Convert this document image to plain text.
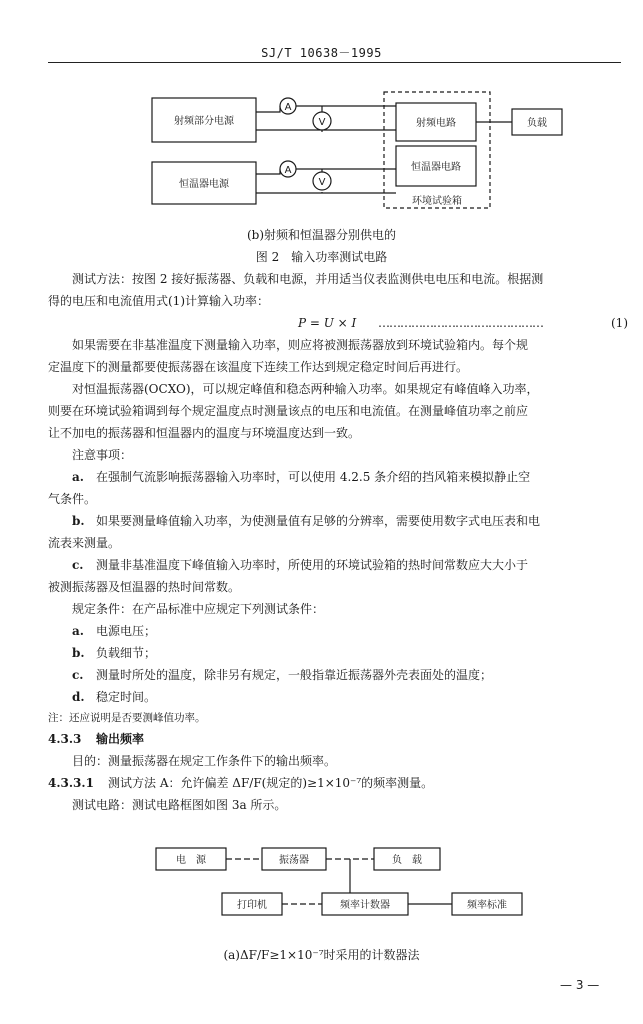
SJ/T 10638－1995
A
V
A
V
射频部分电源
恒温器电源
射频电路
恒温器电路
负载
环境试验箱
(b)射频和恒温器分别供电的
图 2　输入功率测试电路
测试方法：按图 2 接好振荡器、负载和电源，并用适当仪表监测供电电压和电流。根据测
得的电压和电流值用式(1)计算输入功率：
P = U × I ………………………………………	(1)
如果需要在非基准温度下测量输入功率，则应将被测振荡器放到环境试验箱内。每个规
定温度下的测量都要使振荡器在该温度下连续工作达到规定稳定时间后再进行。
对恒温振荡器(OCXO)，可以规定峰值和稳态两种输入功率。如果规定有峰值峰入功率，
则要在环境试验箱调到每个规定温度点时测量该点的电压和电流值。在测量峰值功率之前应
让不加电的振荡器和恒温器内的温度与环境温度达到一致。
注意事项：
a. 在强制气流影响振荡器输入功率时，可以使用 4.2.5 条介绍的挡风箱来模拟静止空
气条件。
b. 如果要测量峰值输入功率，为使测量值有足够的分辨率，需要使用数字式电压表和电
流表来测量。
c. 测量非基准温度下峰值输入功率时，所使用的环境试验箱的热时间常数应大大小于
被测振荡器及恒温器的热时间常数。
规定条件：在产品标准中应规定下列测试条件：
a. 电源电压；
b. 负载细节；
c. 测量时所处的温度，除非另有规定，一般指靠近振荡器外壳表面处的温度；
d. 稳定时间。
注：还应说明是否要测峰值功率。
4.3.3 输出频率
目的：测量振荡器在规定工作条件下的输出频率。
4.3.3.1 测试方法 A：允许偏差 ΔF/F(规定的)≥1×10⁻⁷的频率测量。
测试电路：测试电路框图如图 3a 所示。
电　源	振荡器	负　载
打印机	频率计数器	频率标准
(a)ΔF/F≥1×10⁻⁷时采用的计数器法
— 3 —
